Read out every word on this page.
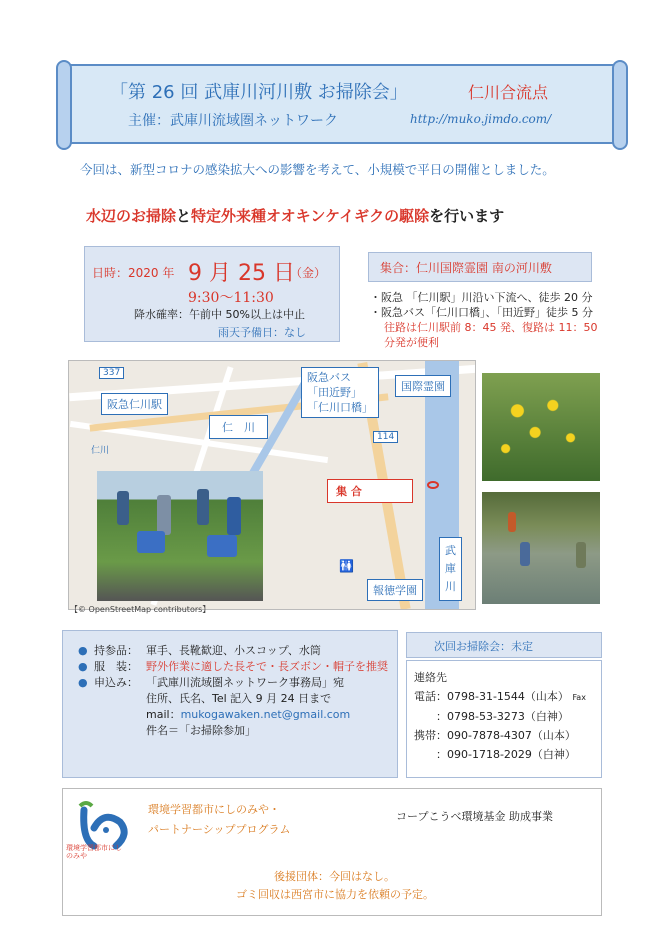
「第 26 回 武庫川河川敷 お掃除会」	仁川合流点
主催：武庫川流域圏ネットワーク	http://muko.jimdo.com/
今回は、新型コロナの感染拡大への影響を考えて、小規模で平日の開催としました。
水辺のお掃除と特定外来種オオキンケイギクの駆除を行います
日時：2020 年 9 月 25 日
（金）
9:30～11:30
降水確率：午前中 50%以上は中止
雨天予備日：なし
集合：仁川国際霊園 南の河川敷
・阪急 「仁川駅」川沿い下流へ、徒歩 20 分
・阪急バス「仁川口橋」、「田近野」徒歩 5 分
往路は仁川駅前 8：45 発、復路は 11：50
分発が便利
337
114
仁川
阪急仁川駅
仁　川
阪急バス
「田近野」
「仁川口橋」
国際霊園
集 合
報徳学園
🚻
武
庫
川
【© OpenStreetMap contributors】
● 持参品： 軍手、長靴歓迎、小スコップ、水筒
● 服　装： 野外作業に適した長そで・長ズボン・帽子を推奨
● 申込み： 「武庫川流域圏ネットワーク事務局」宛
住所、氏名、Tel 記入 9 月 24 日まで
mail：mukogawaken.net@gmail.com
件名＝「お掃除参加」
次回お掃除会：未定
連絡先
電話：0798-31-1544（山本） Fax
：0798-53-3273（白神）
携帯：090-7878-4307（山本）
：090-1718-2029（白神）
環境学習都市にしのみや
環境学習都市にしのみや・
パートナーシッププログラム
コープこうべ環境基金 助成事業
後援団体：今回はなし。
ゴミ回収は西宮市に協力を依頼の予定。
